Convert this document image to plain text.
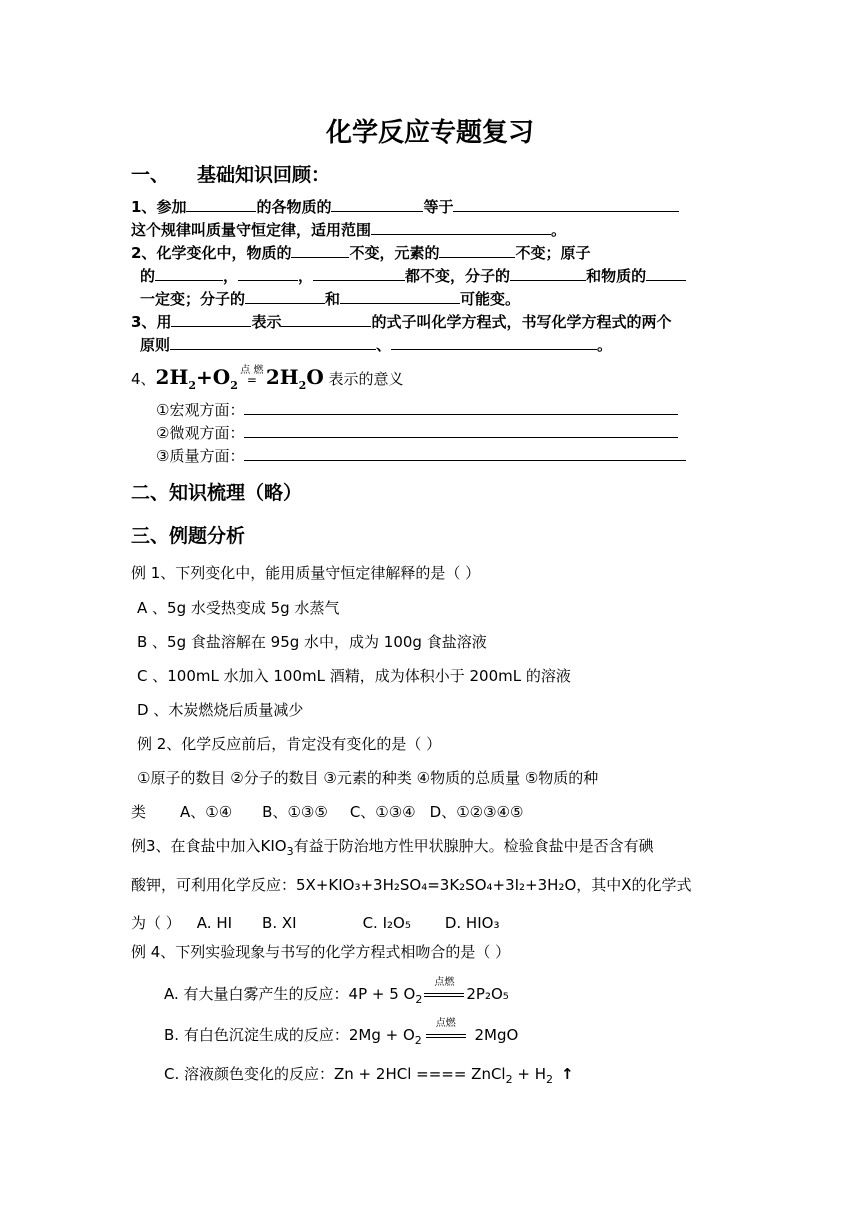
化学反应专题复习
一、 基础知识回顾：
1、参加	的各物质的	等于
这个规律叫质量守恒定律，适用范围	。
2、化学变化中，物质的	不变，元素的	不变；原子
的	，	，	都不变，分子的	和物质的
一定变；分子的	和	可能变。
3、用	表示	的式子叫化学方程式，书写化学方程式的两个
原则	、	。
4、$2H_2+O_2$
点 燃
= $2H_2O$ 表示的意义
①宏观方面：
②微观方面：
③质量方面：
二、知识梳理（略）
三、例题分析
例 1、下列变化中，能用质量守恒定律解释的是（ ）
A 、5g 水受热变成 5g 水蒸气
B 、5g 食盐溶解在 95g 水中，成为 100g 食盐溶液
C 、100mL 水加入 100mL 酒精，成为体积小于 200mL 的溶液
D 、木炭燃烧后质量减少
例 2、化学反应前后，肯定没有变化的是（ ）
①原子的数目 ②分子的数目 ③元素的种类 ④物质的总质量 ⑤物质的种
类 A、①④ B、①③⑤ C、①③④ D、①②③④⑤
例3、在食盐中加入$KIO_3$有益于防治地方性甲状腺肿大。检验食盐中是否含有碘
酸钾，可利用化学反应：5X+KIO₃+3H₂SO₄=3K₂SO₄+3I₂+3H₂O，其中X的化学式
为（ ） A. HI B. XI	C. I₂O₅ D. HIO₃
例 4、下列实验现象与书写的化学方程式相吻合的是（ ）
A. 有大量白雾产生的反应：4P + 5 $O_2$
点燃
2P₂O₅
B. 有白色沉淀生成的反应：$2Mg + O_2$
点燃
2MgO
C. 溶液颜色变化的反应：Zn + 2HCl ==== ZnCl$_2$ + $H_2$ ↑
